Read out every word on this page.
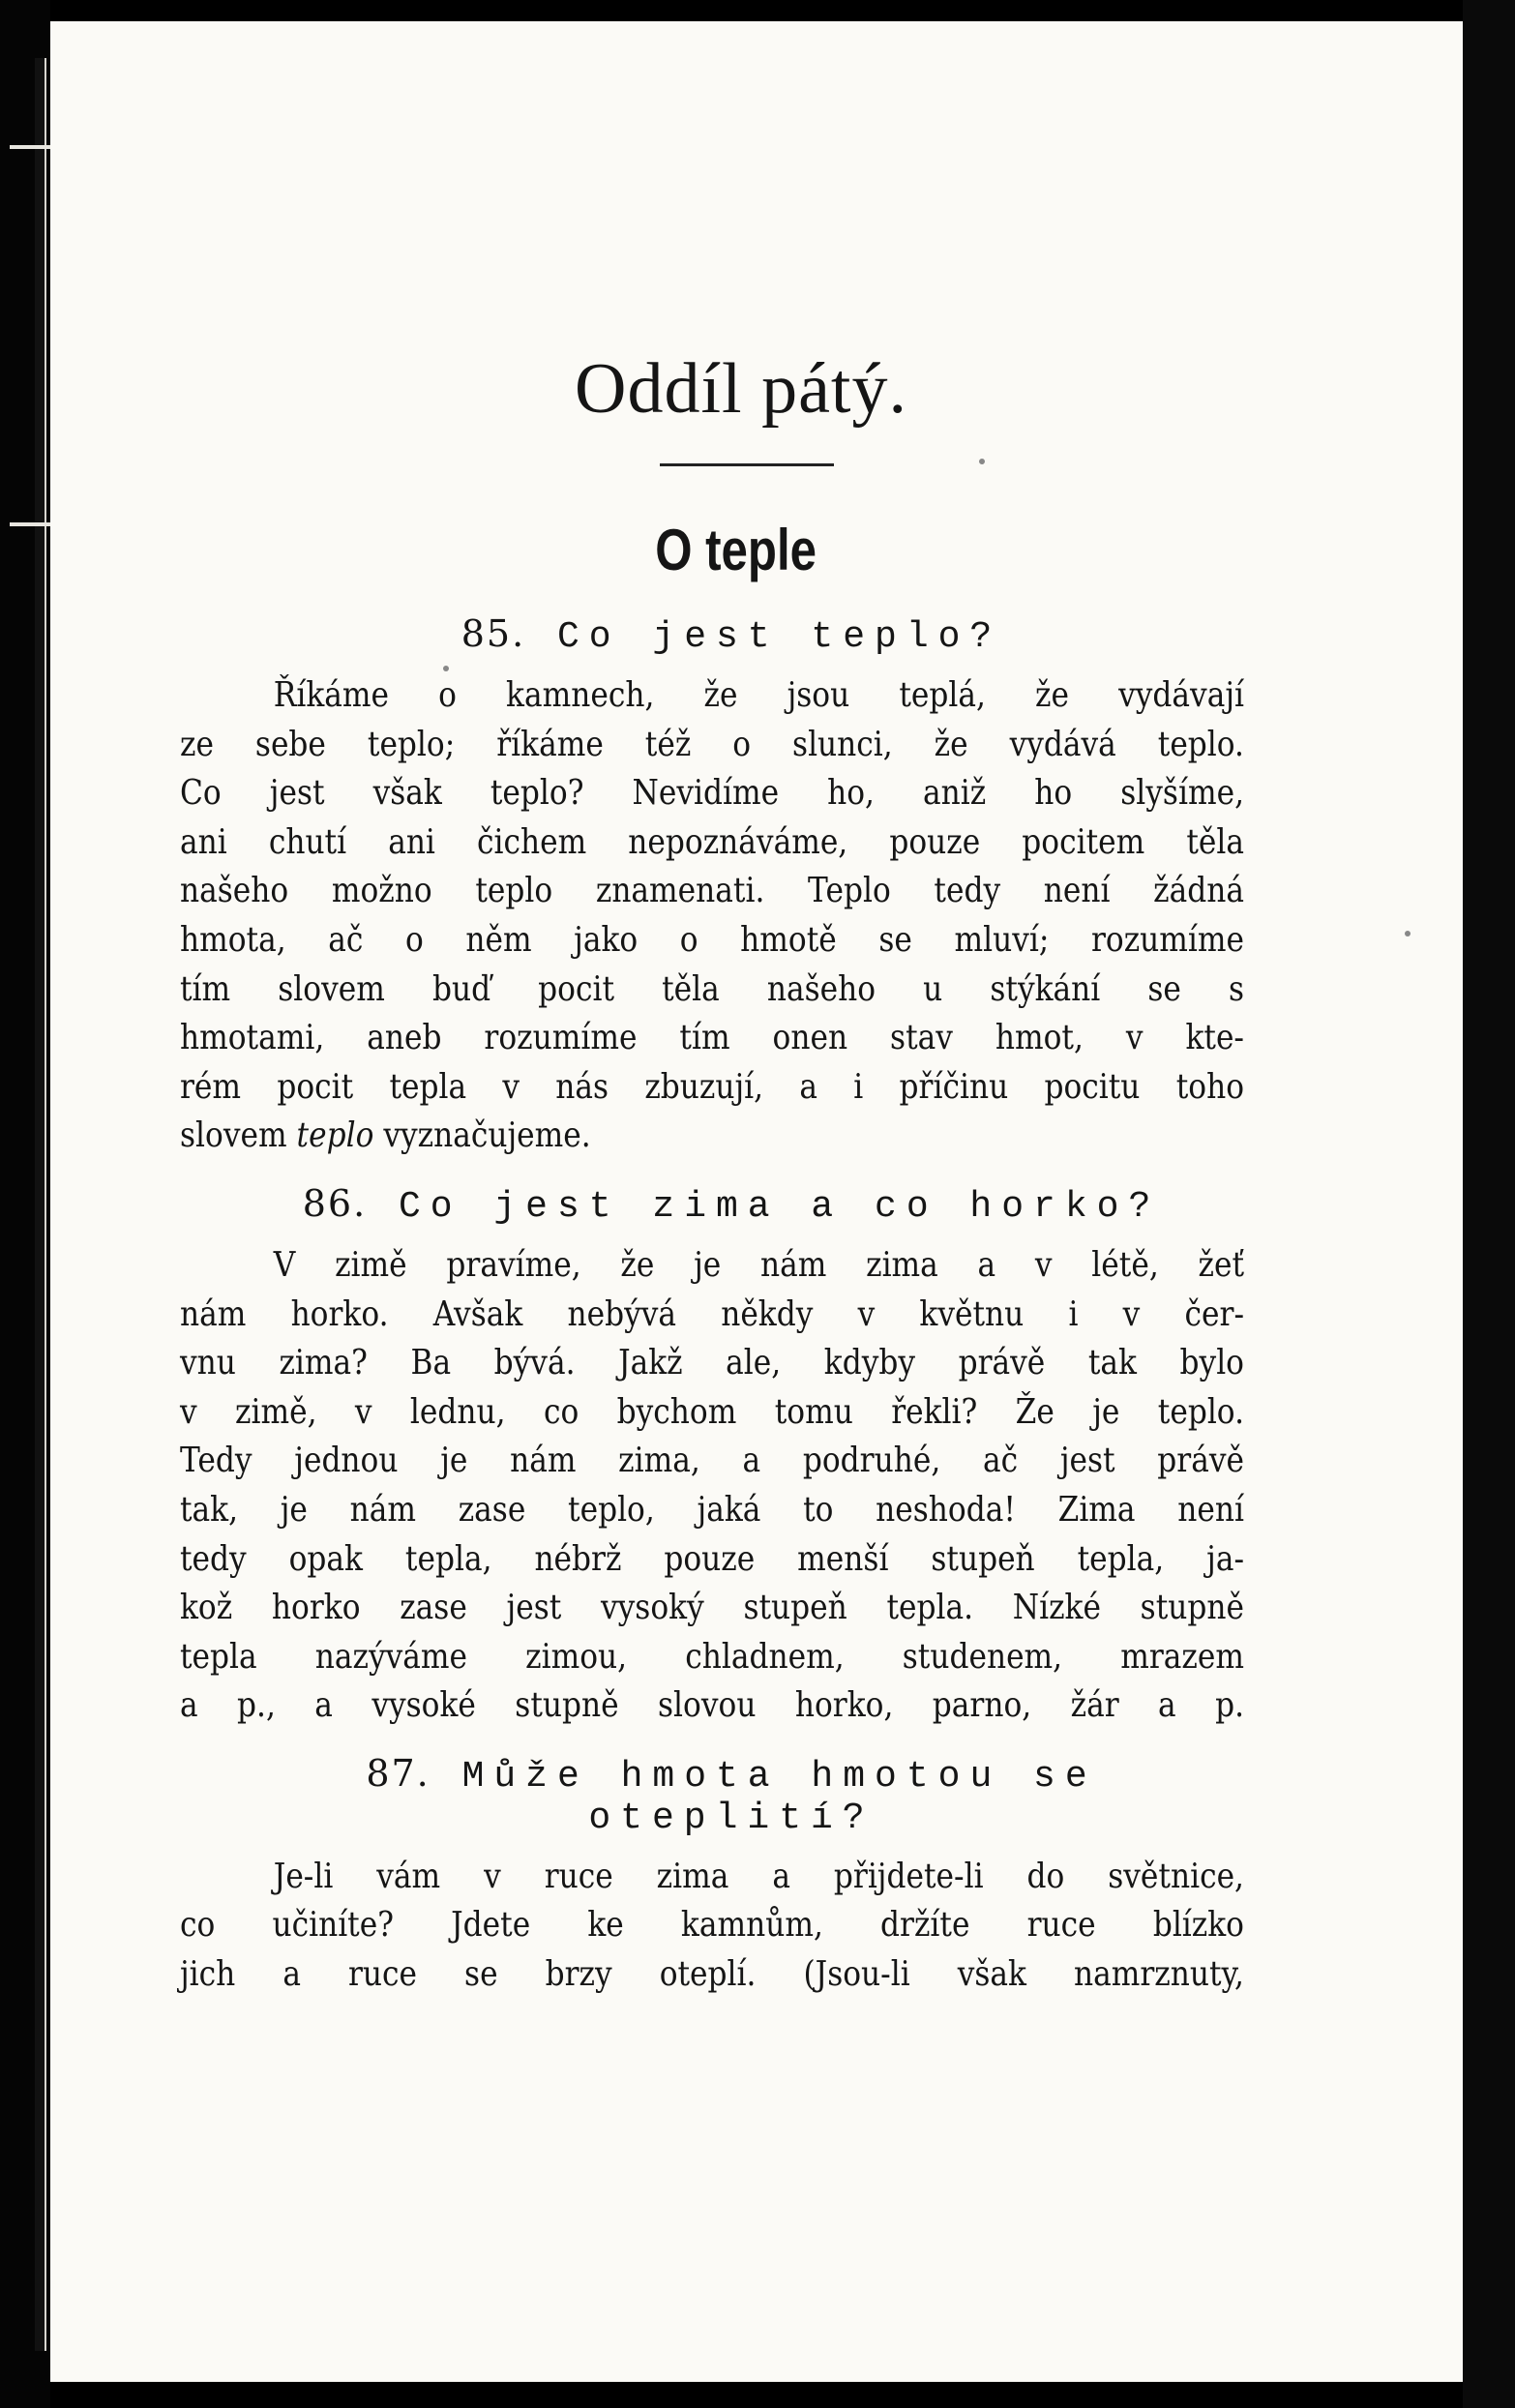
Oddíl pátý.
O teple
85. Co jest teplo?
Říkáme o kamnech, že jsou teplá, že vydávají
ze sebe teplo; říkáme též o slunci, že vydává teplo.
Co jest však teplo? Nevidíme ho, aniž ho slyšíme,
ani chutí ani čichem nepoznáváme, pouze pocitem těla
našeho možno teplo znamenati. Teplo tedy není žádná
hmota, ač o něm jako o hmotě se mluví; rozumíme
tím slovem buď pocit těla našeho u stýkání se s
hmotami, aneb rozumíme tím onen stav hmot, v kte-
rém pocit tepla v nás zbuzují, a i příčinu pocitu toho
slovem teplo vyznačujeme.
86. Co jest zima a co horko?
V zimě pravíme, že je nám zima a v létě, žeť
nám horko. Avšak nebývá někdy v květnu i v čer-
vnu zima? Ba bývá. Jakž ale, kdyby právě tak bylo
v zimě, v lednu, co bychom tomu řekli? Že je teplo.
Tedy jednou je nám zima, a podruhé, ač jest právě
tak, je nám zase teplo, jaká to neshoda! Zima není
tedy opak tepla, nébrž pouze menší stupeň tepla, ja-
kož horko zase jest vysoký stupeň tepla. Nízké stupně
tepla nazýváme zimou, chladnem, studenem, mrazem
a p., a vysoké stupně slovou horko, parno, žár a p.
87. Může hmota hmotou se oteplití?
Je-li vám v ruce zima a přijdete-li do světnice,
co učiníte? Jdete ke kamnům, držíte ruce blízko
jich a ruce se brzy oteplí. (Jsou-li však namrznuty,
